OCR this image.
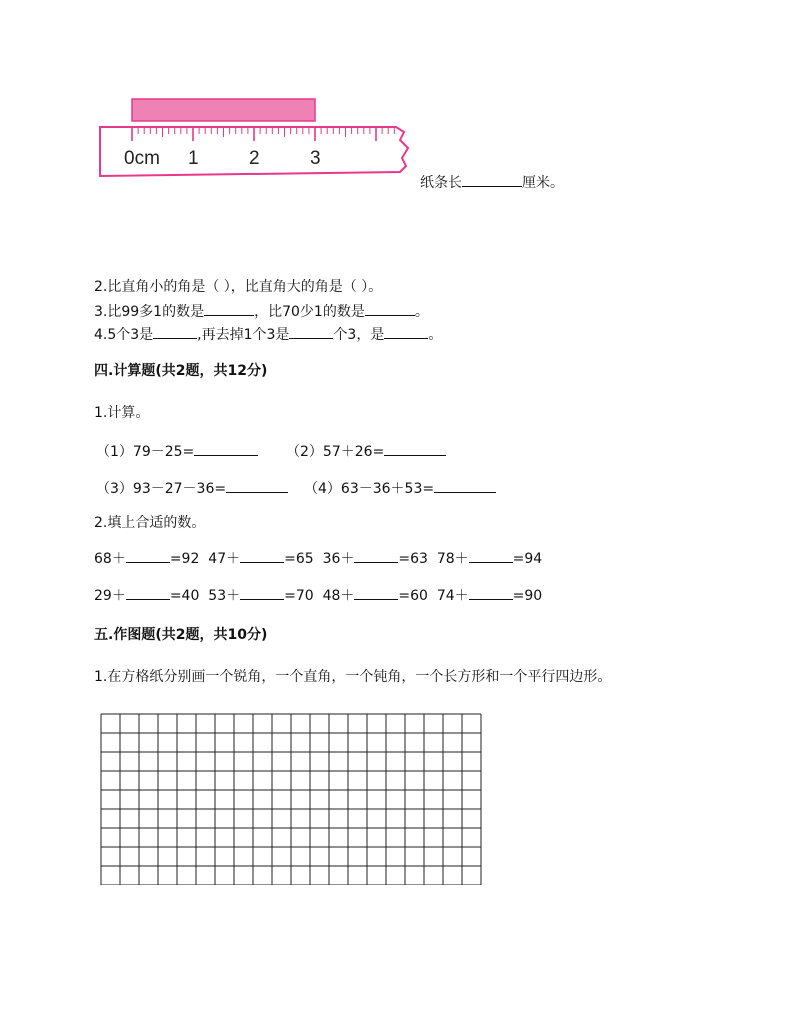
0cm 1	2	3
纸条长	厘米。
2.比直角小的角是（ ），比直角大的角是（ ）。
3.比99多1的数是	，比70少1的数是	。
4.5个3是	,再去掉1个3是	个3，是	。
四.计算题(共2题，共12分)
1.计算。
（1）79－25=	（2）57＋26=
（3）93－27－36=	（4）63－36＋53=
2.填上合适的数。
68＋	=92 47＋	=65 36＋	=63 78＋	=94
29＋	=40 53＋	=70 48＋	=60 74＋	=90
五.作图题(共2题，共10分)
1.在方格纸分别画一个锐角，一个直角，一个钝角，一个长方形和一个平行四边形。
